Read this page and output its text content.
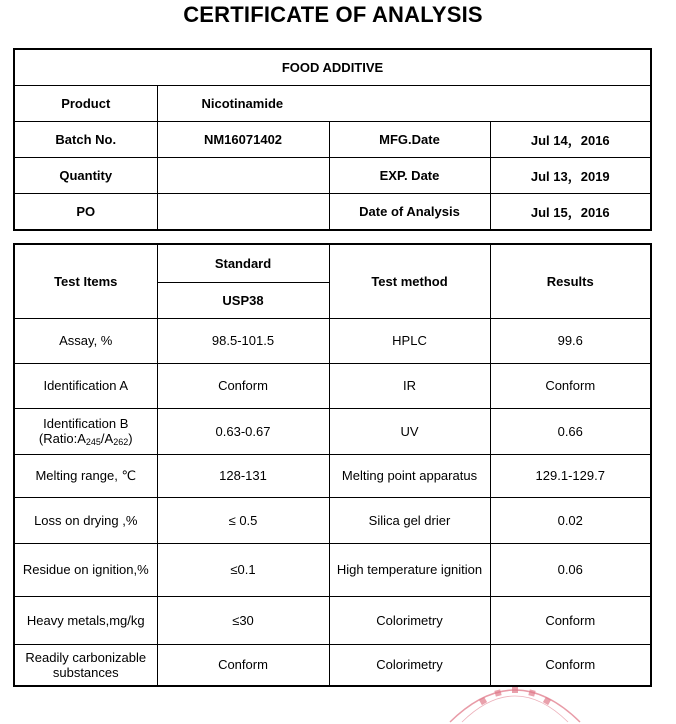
CERTIFICATE OF ANALYSIS
FOOD ADDITIVE			
Product	Nicotinamide		
Batch No.	NM16071402	MFG.Date	Jul 14，2016
Quantity		EXP. Date	Jul 13，2019
PO		Date of Analysis	Jul 15，2016
Test Items	Standard	Test method	Results
	USP38		
Assay, %	98.5-101.5	HPLC	99.6
Identification A	Conform	IR	Conform

Identification B
$(Ratio:A_{245}/A_{262})$	0.63-0.67	UV	0.66
Melting range, ℃	128-131	Melting point apparatus	129.1-129.7
Loss on drying ,%	≤ 0.5	Silica gel drier	0.02
Residue on ignition,%	≤0.1	High temperature ignition	0.06
Heavy metals,mg/kg	≤30	Colorimetry	Conform
Readily carbonizable substances	Conform	Colorimetry	Conform
